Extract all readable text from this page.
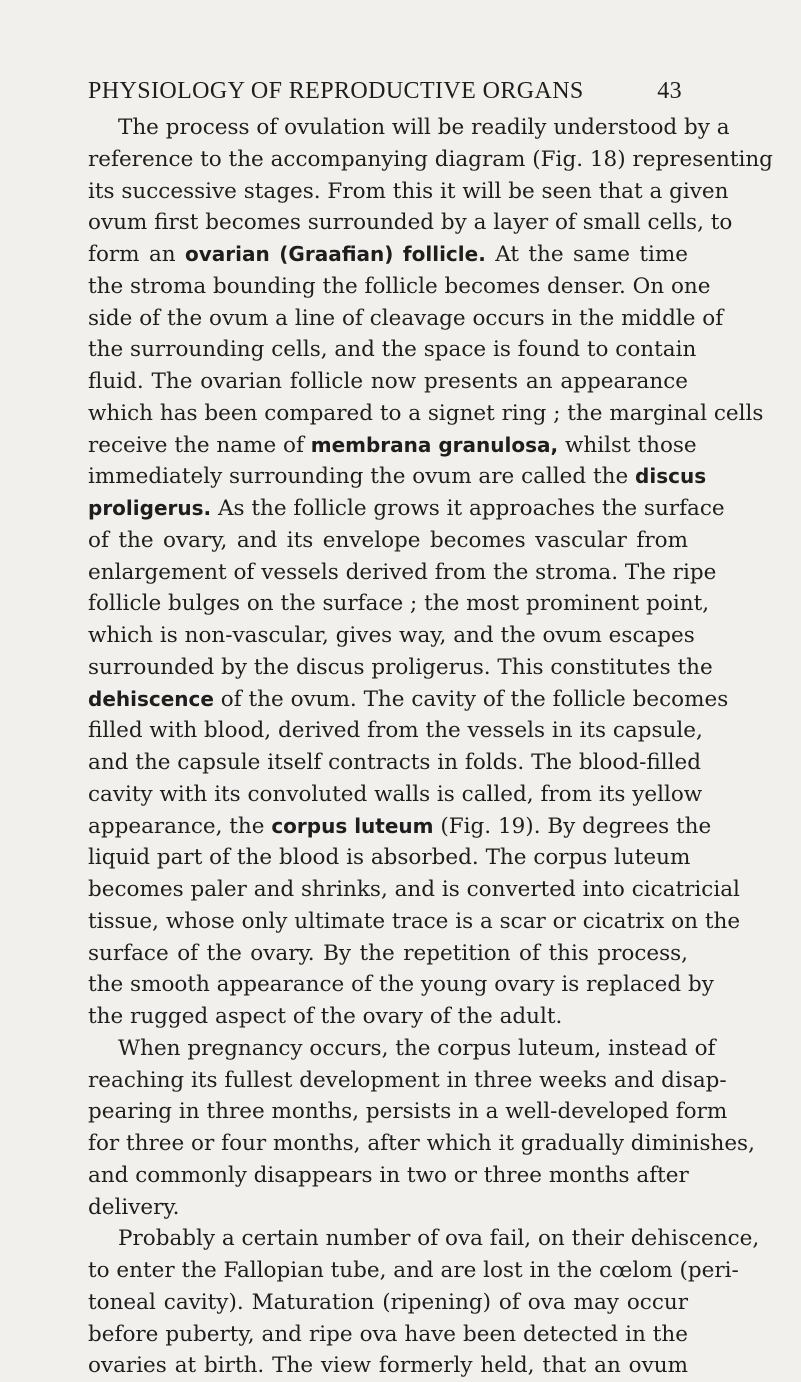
PHYSIOLOGY OF REPRODUCTIVE ORGANS	43
The process of ovulation will be readily understood by a
reference to the accompanying diagram (Fig. 18) representing
its successive stages. From this it will be seen that a given
ovum first becomes surrounded by a layer of small cells, to
form an ovarian (Graafian) follicle. At the same time
the stroma bounding the follicle becomes denser. On one
side of the ovum a line of cleavage occurs in the middle of
the surrounding cells, and the space is found to contain
fluid. The ovarian follicle now presents an appearance
which has been compared to a signet ring ; the marginal cells
receive the name of membrana granulosa, whilst those
immediately surrounding the ovum are called the discus
proligerus. As the follicle grows it approaches the surface
of the ovary, and its envelope becomes vascular from
enlargement of vessels derived from the stroma. The ripe
follicle bulges on the surface ; the most prominent point,
which is non-vascular, gives way, and the ovum escapes
surrounded by the discus proligerus. This constitutes the
dehiscence of the ovum. The cavity of the follicle becomes
filled with blood, derived from the vessels in its capsule,
and the capsule itself contracts in folds. The blood-filled
cavity with its convoluted walls is called, from its yellow
appearance, the corpus luteum (Fig. 19). By degrees the
liquid part of the blood is absorbed. The corpus luteum
becomes paler and shrinks, and is converted into cicatricial
tissue, whose only ultimate trace is a scar or cicatrix on the
surface of the ovary. By the repetition of this process,
the smooth appearance of the young ovary is replaced by
the rugged aspect of the ovary of the adult.
When pregnancy occurs, the corpus luteum, instead of
reaching its fullest development in three weeks and disap-
pearing in three months, persists in a well-developed form
for three or four months, after which it gradually diminishes,
and commonly disappears in two or three months after
delivery.
Probably a certain number of ova fail, on their dehiscence,
to enter the Fallopian tube, and are lost in the cœlom (peri-
toneal cavity). Maturation (ripening) of ova may occur
before puberty, and ripe ova have been detected in the
ovaries at birth. The view formerly held, that an ovum
